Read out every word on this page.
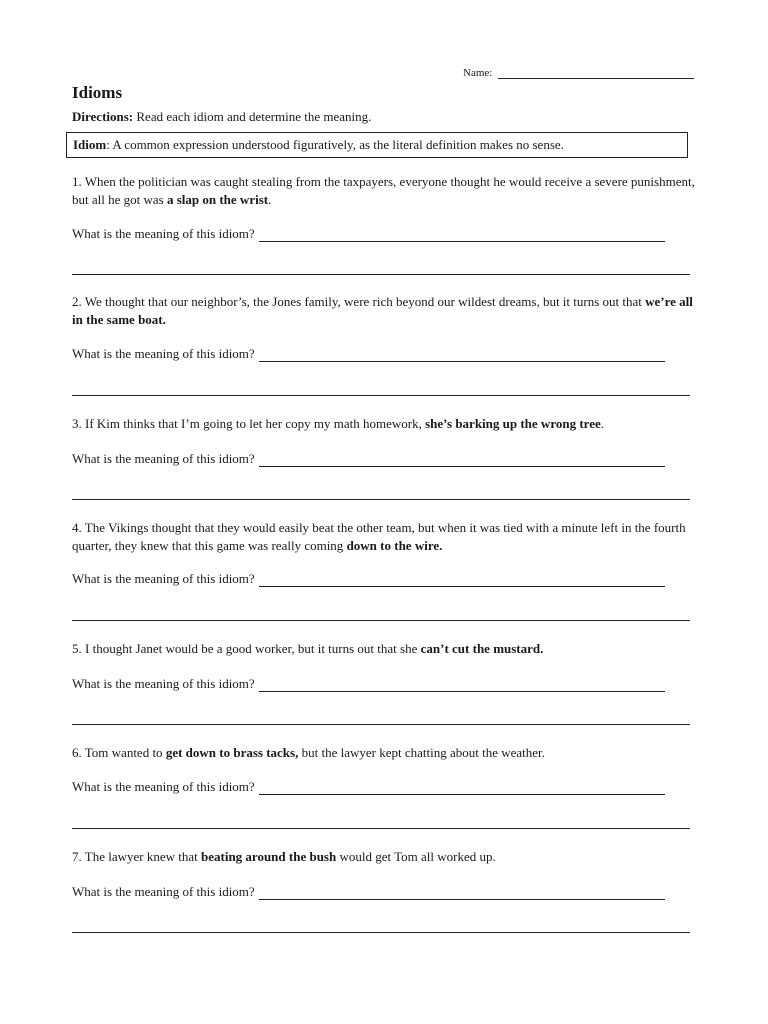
Name:
Idioms
Directions: Read each idiom and determine the meaning.
Idiom: A common expression understood figuratively, as the literal definition makes no sense.
1. When the politician was caught stealing from the taxpayers, everyone thought he would receive a severe punishment, but all he got was a slap on the wrist.
What is the meaning of this idiom?
2. We thought that our neighbor’s, the Jones family, were rich beyond our wildest dreams, but it turns out that we’re all in the same boat.
What is the meaning of this idiom?
3. If Kim thinks that I’m going to let her copy my math homework, she’s barking up the wrong tree.
What is the meaning of this idiom?
4. The Vikings thought that they would easily beat the other team, but when it was tied with a minute left in the fourth quarter, they knew that this game was really coming down to the wire.
What is the meaning of this idiom?
5. I thought Janet would be a good worker, but it turns out that she can’t cut the mustard.
What is the meaning of this idiom?
6. Tom wanted to get down to brass tacks, but the lawyer kept chatting about the weather.
What is the meaning of this idiom?
7. The lawyer knew that beating around the bush would get Tom all worked up.
What is the meaning of this idiom?
